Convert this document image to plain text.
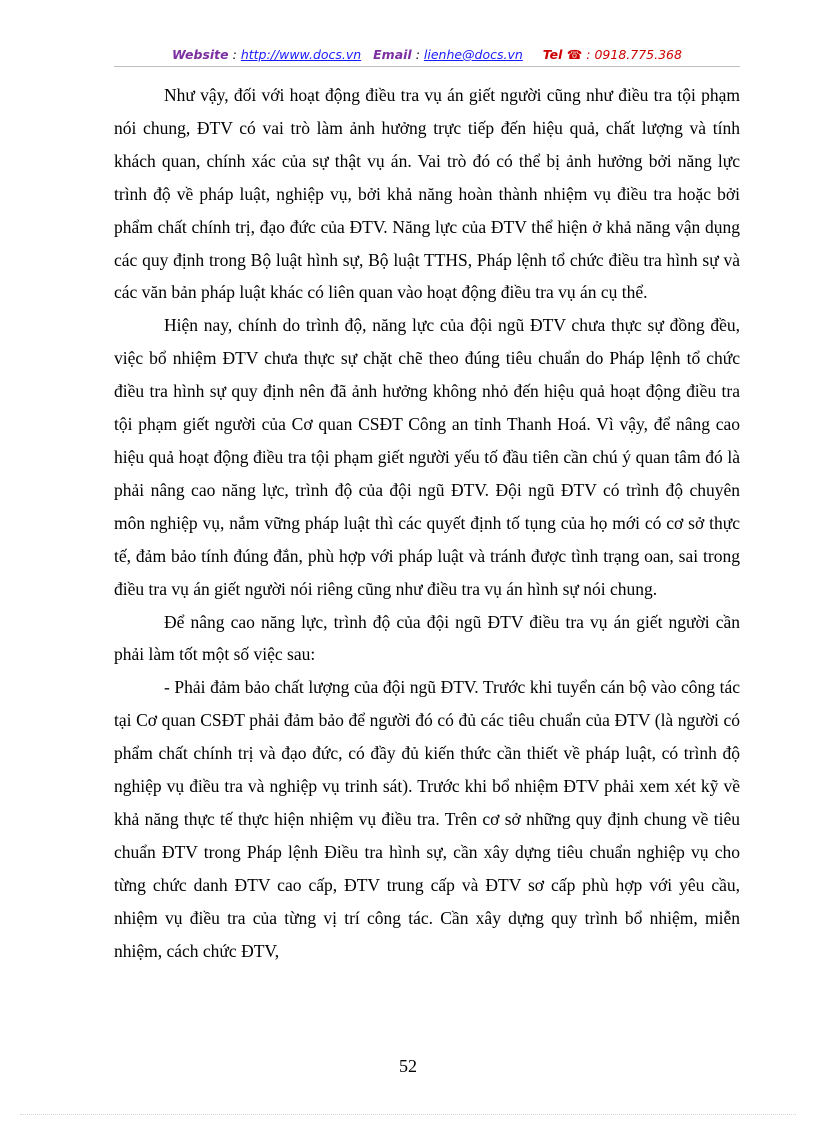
Website : http://www.docs.vn Email : lienhe@docs.vn Tel ☎ : 0918.775.368

Như vậy, đối với hoạt động điều tra vụ án giết người cũng như điều tra tội phạm nói chung, ĐTV có vai trò làm ảnh hưởng trực tiếp đến hiệu quả, chất lượng và tính khách quan, chính xác của sự thật vụ án. Vai trò đó có thể bị ảnh hưởng bởi năng lực trình độ về pháp luật, nghiệp vụ, bởi khả năng hoàn thành nhiệm vụ điều tra hoặc bởi phẩm chất chính trị, đạo đức của ĐTV. Năng lực của ĐTV thể hiện ở khả năng vận dụng các quy định trong Bộ luật hình sự, Bộ luật TTHS, Pháp lệnh tổ chức điều tra hình sự và các văn bản pháp luật khác có liên quan vào hoạt động điều tra vụ án cụ thể.

Hiện nay, chính do trình độ, năng lực của đội ngũ ĐTV chưa thực sự đồng đều, việc bổ nhiệm ĐTV chưa thực sự chặt chẽ theo đúng tiêu chuẩn do Pháp lệnh tổ chức điều tra hình sự quy định nên đã ảnh hưởng không nhỏ đến hiệu quả hoạt động điều tra tội phạm giết người của Cơ quan CSĐT Công an tỉnh Thanh Hoá. Vì vậy, để nâng cao hiệu quả hoạt động điều tra tội phạm giết người yếu tố đầu tiên cần chú ý quan tâm đó là phải nâng cao năng lực, trình độ của đội ngũ ĐTV. Đội ngũ ĐTV có trình độ chuyên môn nghiệp vụ, nắm vững pháp luật thì các quyết định tố tụng của họ mới có cơ sở thực tế, đảm bảo tính đúng đắn, phù hợp với pháp luật và tránh được tình trạng oan, sai trong điều tra vụ án giết người nói riêng cũng như điều tra vụ án hình sự nói chung.

Để nâng cao năng lực, trình độ của đội ngũ ĐTV điều tra vụ án giết người cần phải làm tốt một số việc sau:

- Phải đảm bảo chất lượng của đội ngũ ĐTV. Trước khi tuyển cán bộ vào công tác tại Cơ quan CSĐT phải đảm bảo để người đó có đủ các tiêu chuẩn của ĐTV (là người có phẩm chất chính trị và đạo đức, có đầy đủ kiến thức cần thiết về pháp luật, có trình độ nghiệp vụ điều tra và nghiệp vụ trinh sát). Trước khi bổ nhiệm ĐTV phải xem xét kỹ về khả năng thực tế thực hiện nhiệm vụ điều tra. Trên cơ sở những quy định chung về tiêu chuẩn ĐTV trong Pháp lệnh Điều tra hình sự, cần xây dựng tiêu chuẩn nghiệp vụ cho từng chức danh ĐTV cao cấp, ĐTV trung cấp và ĐTV sơ cấp phù hợp với yêu cầu, nhiệm vụ điều tra của từng vị trí công tác. Cần xây dựng quy trình bổ nhiệm, miễn nhiệm, cách chức ĐTV,

52
